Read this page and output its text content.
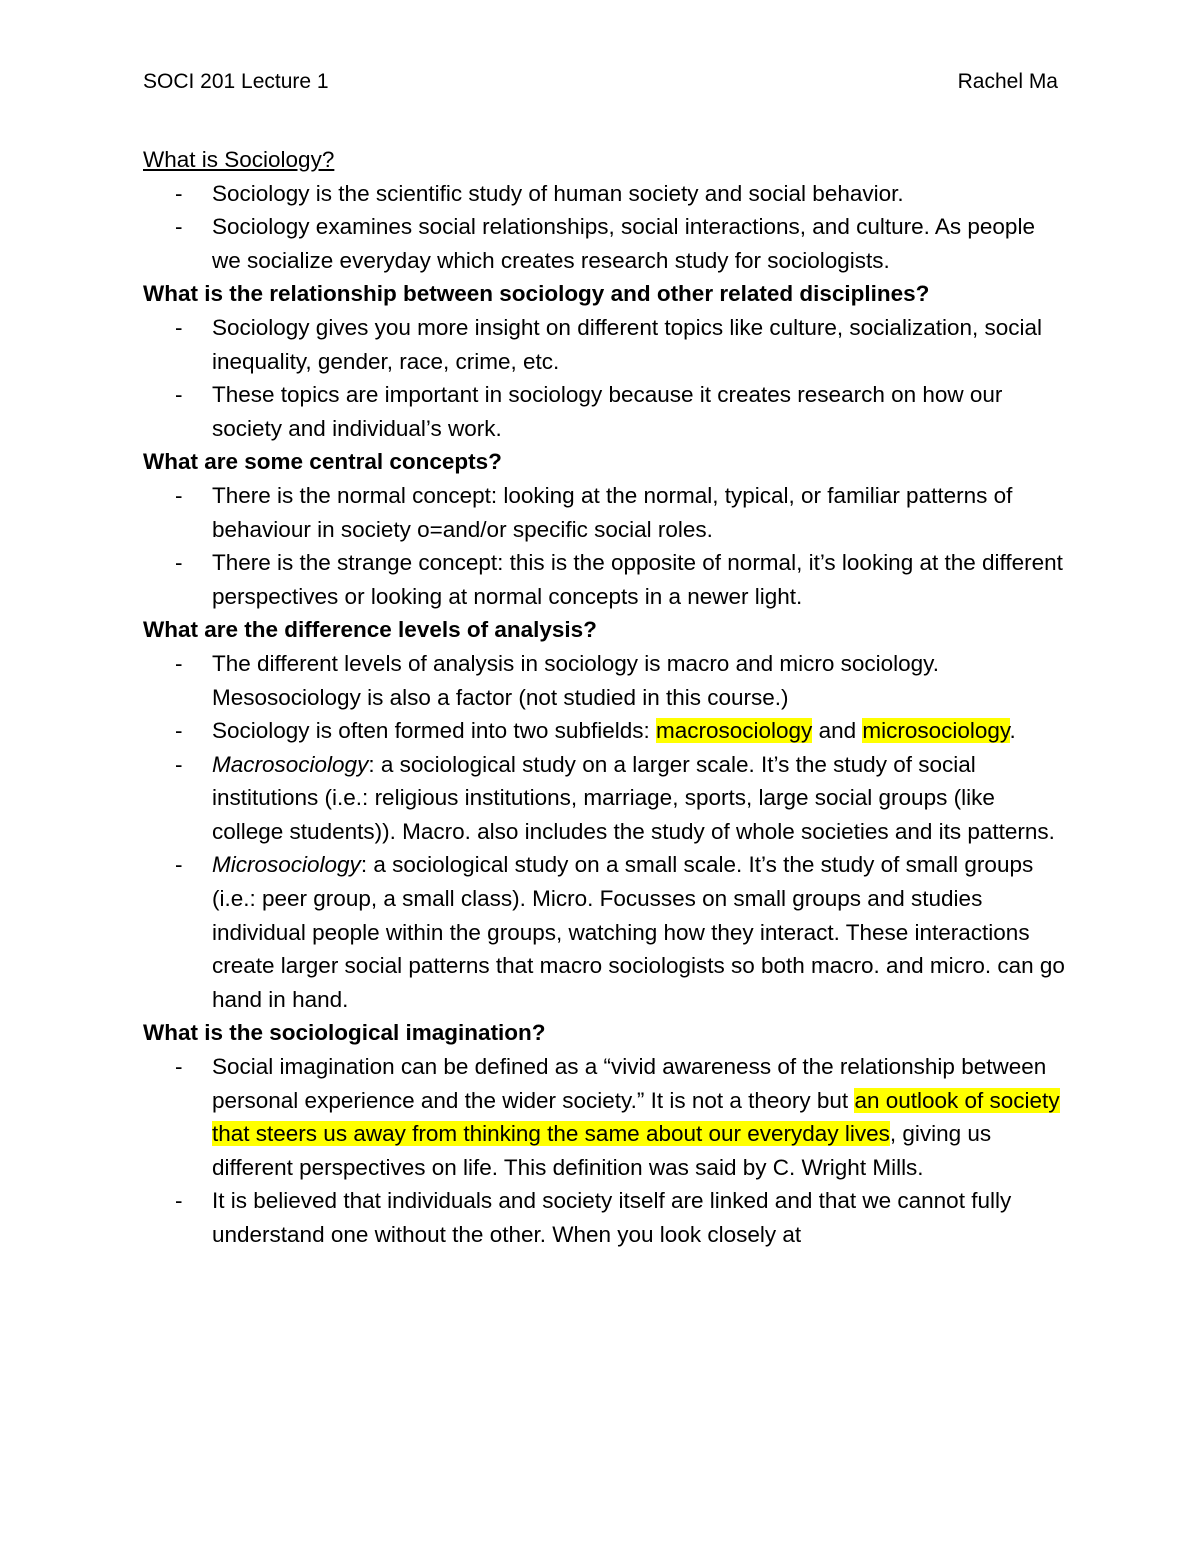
SOCI 201 Lecture 1	Rachel Ma
What is Sociology?
- Sociology is the scientific study of human society and social behavior.
- Sociology examines social relationships, social interactions, and culture. As people we socialize everyday which creates research study for sociologists.
What is the relationship between sociology and other related disciplines?
- Sociology gives you more insight on different topics like culture, socialization, social inequality, gender, race, crime, etc.
- These topics are important in sociology because it creates research on how our society and individual’s work.
What are some central concepts?
- There is the normal concept: looking at the normal, typical, or familiar patterns of behaviour in society o=and/or specific social roles.
- There is the strange concept: this is the opposite of normal, it’s looking at the different perspectives or looking at normal concepts in a newer light.
What are the difference levels of analysis?
- The different levels of analysis in sociology is macro and micro sociology. Mesosociology is also a factor (not studied in this course.)
- Sociology is often formed into two subfields: macrosociology and microsociology.
- Macrosociology: a sociological study on a larger scale. It’s the study of social institutions (i.e.: religious institutions, marriage, sports, large social groups (like college students)). Macro. also includes the study of whole societies and its patterns.
- Microsociology: a sociological study on a small scale. It’s the study of small groups (i.e.: peer group, a small class). Micro. Focusses on small groups and studies individual people within the groups, watching how they interact. These interactions create larger social patterns that macro sociologists so both macro. and micro. can go hand in hand.
What is the sociological imagination?
- Social imagination can be defined as a “vivid awareness of the relationship between personal experience and the wider society.” It is not a theory but an outlook of society that steers us away from thinking the same about our everyday lives, giving us different perspectives on life. This definition was said by C. Wright Mills.
- It is believed that individuals and society itself are linked and that we cannot fully understand one without the other. When you look closely at
